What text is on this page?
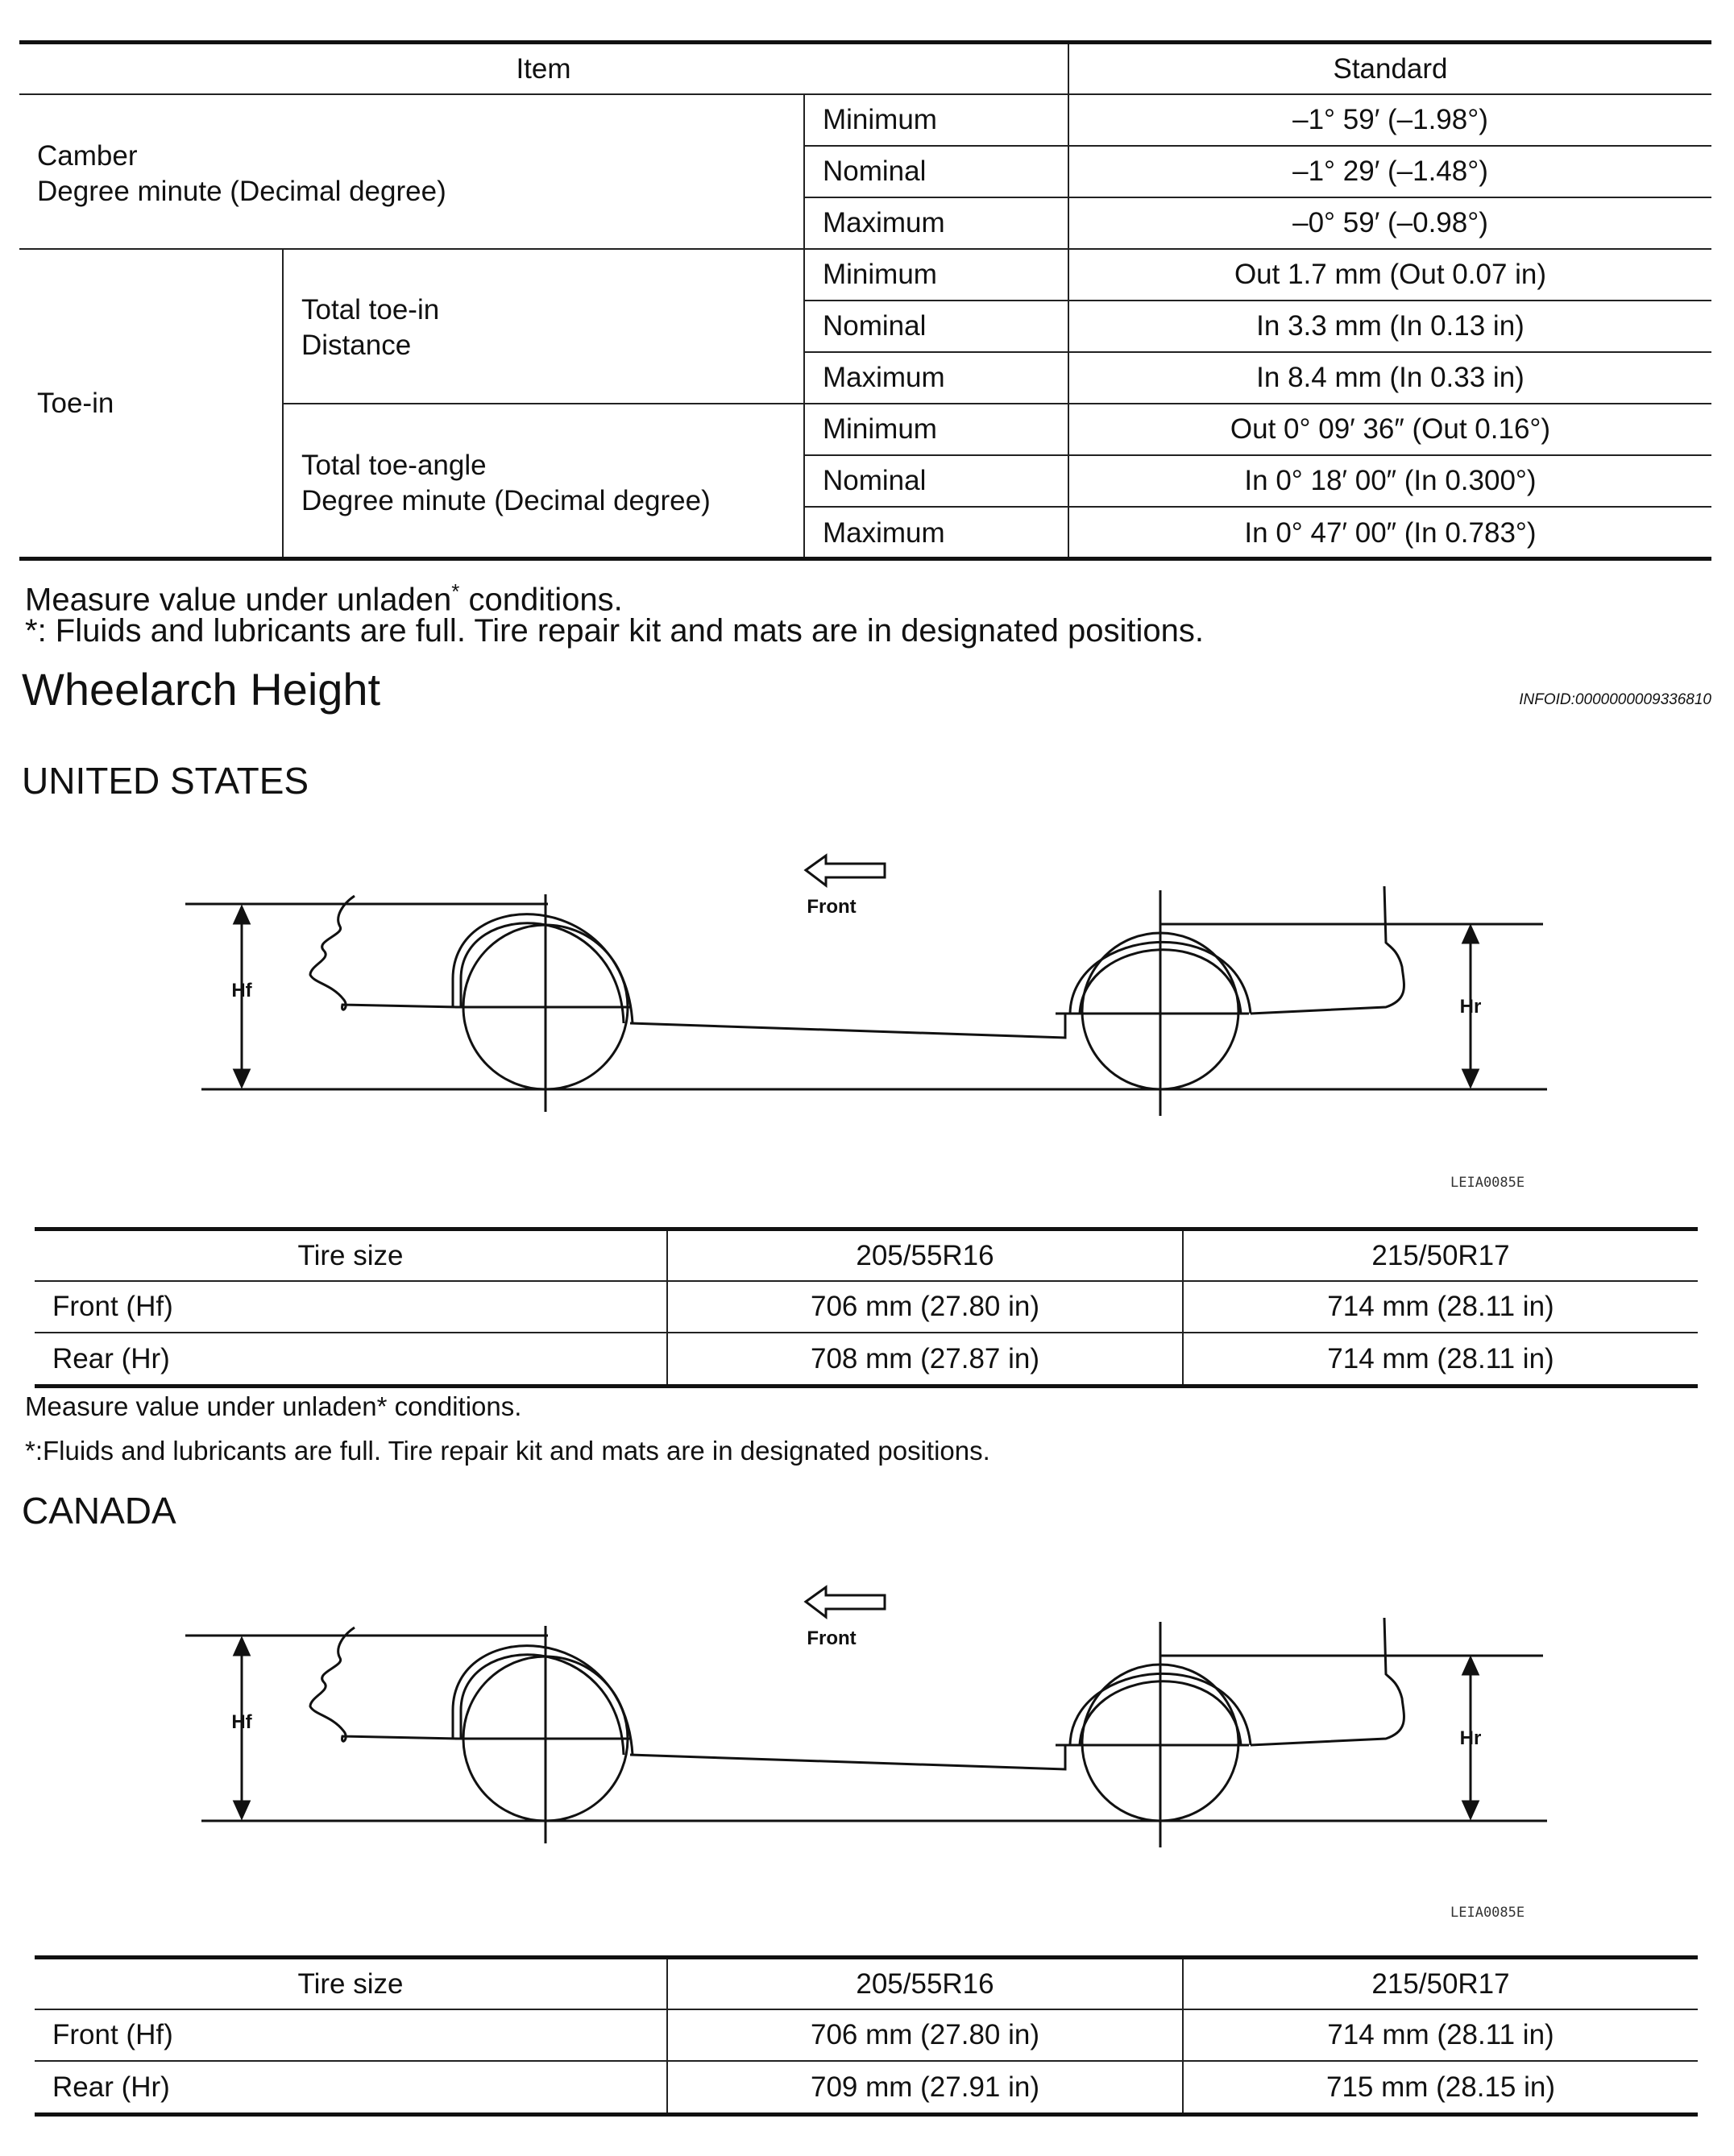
Item			Standard

Camber
Degree minute (Decimal degree)		Minimum	–1° 59′ (–1.98°)
		Nominal	–1° 29′ (–1.48°)
		Maximum	–0° 59′ (–0.98°)
Toe-in	Total toe-in
Distance	Minimum	Out 1.7 mm (Out 0.07 in)
		Nominal	In 3.3 mm (In 0.13 in)
		Maximum	In 8.4 mm (In 0.33 in)

	Total toe-angle
Degree minute (Decimal degree)	Minimum	Out 0° 09′ 36″ (Out 0.16°)
		Nominal	In 0° 18′ 00″ (In 0.300°)
		Maximum	In 0° 47′ 00″ (In 0.783°)
Measure value under unladen* conditions.
*: Fluids and lubricants are full. Tire repair kit and mats are in designated positions.
Wheelarch Height	INFOID:0000000009336810
UNITED STATES
Front
Hf
Hr
LEIA0085E
Tire size	205/55R16	215/50R17
Front (Hf)	706 mm (27.80 in)	714 mm (28.11 in)
Rear (Hr)	708 mm (27.87 in)	714 mm (28.11 in)
Measure value under unladen* conditions.
*:Fluids and lubricants are full. Tire repair kit and mats are in designated positions.
CANADA
Front
Hf
Hr
LEIA0085E
Tire size	205/55R16	215/50R17
Front (Hf)	706 mm (27.80 in)	714 mm (28.11 in)
Rear (Hr)	709 mm (27.91 in)	715 mm (28.15 in)
